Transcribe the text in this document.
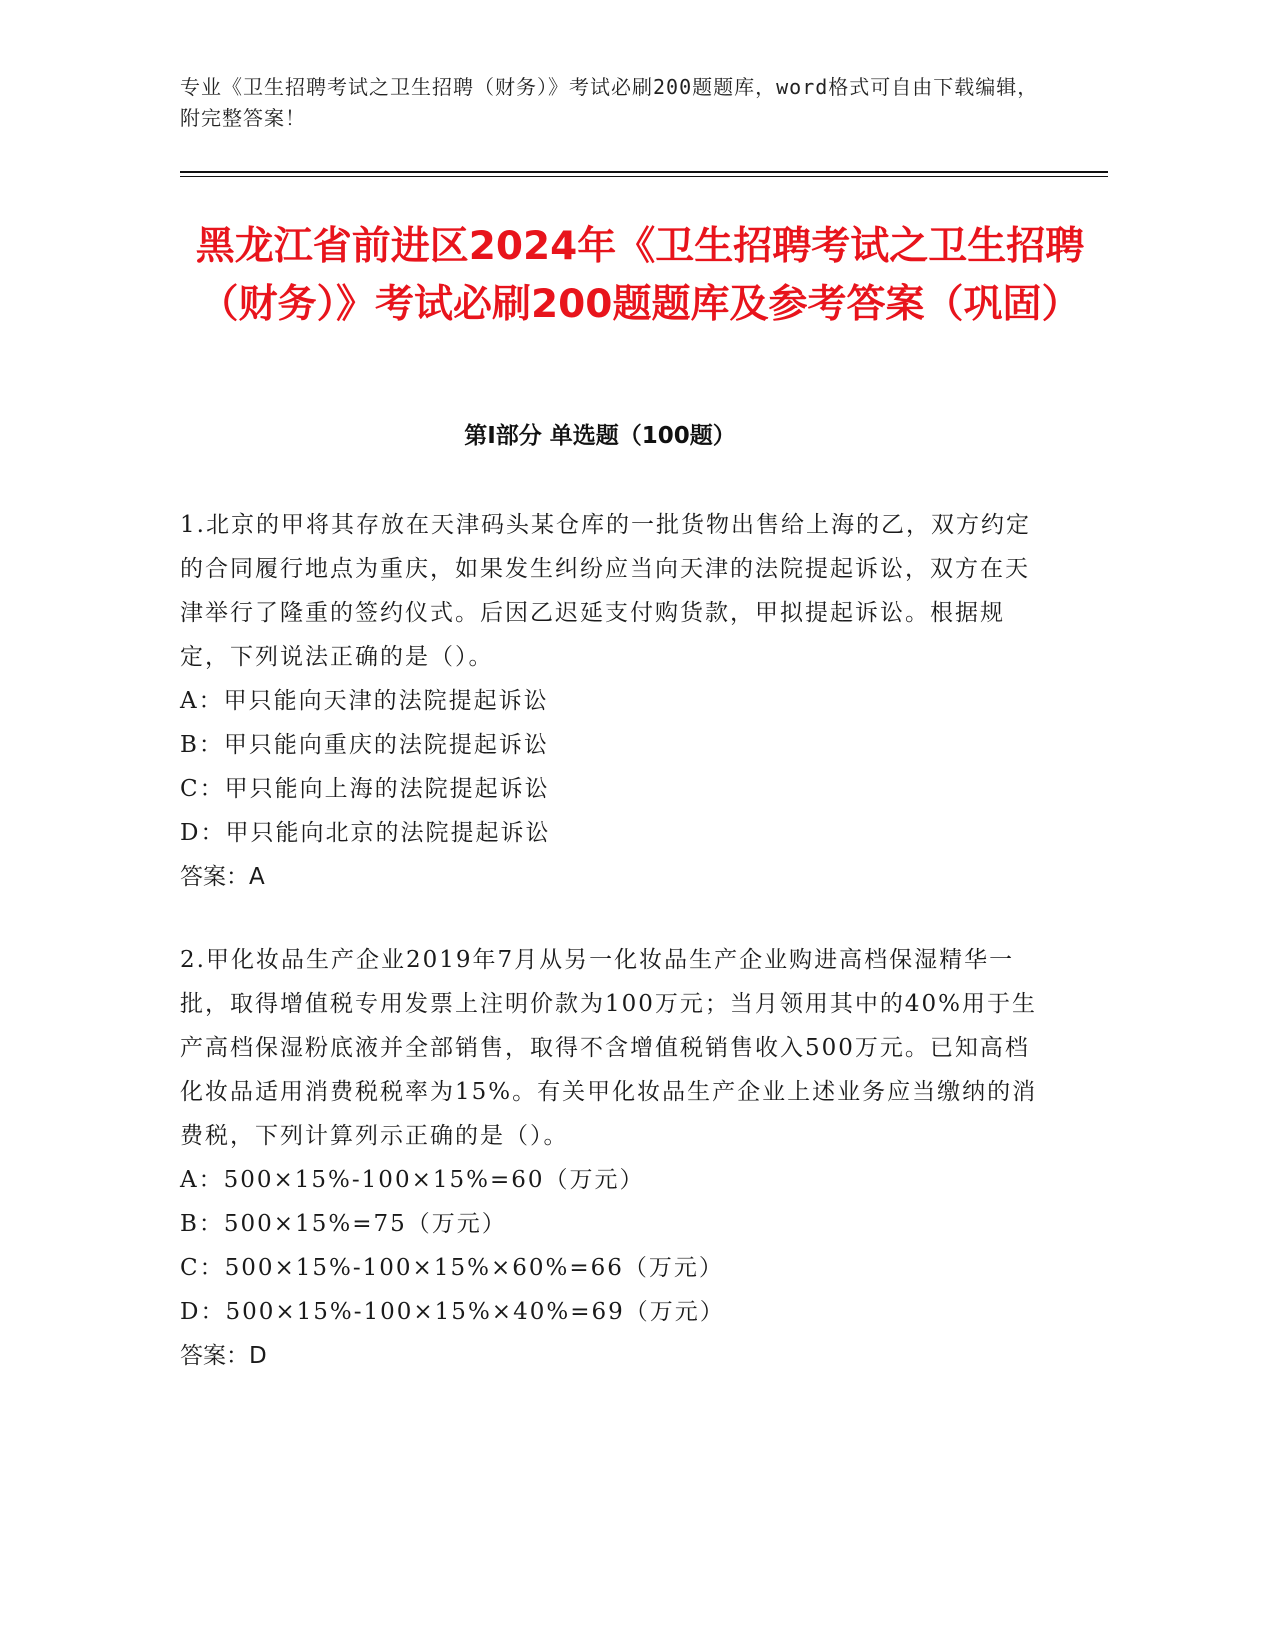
专业《卫生招聘考试之卫生招聘（财务）》考试必刷200题题库，word格式可自由下载编辑，附完整答案！
黑龙江省前进区2024年《卫生招聘考试之卫生招聘（财务）》考试必刷200题题库及参考答案（巩固）
第Ⅰ部分 单选题（100题）

1.北京的甲将其存放在天津码头某仓库的一批货物出售给上海的乙，双方约定的合同履行地点为重庆，如果发生纠纷应当向天津的法院提起诉讼，双方在天津举行了隆重的签约仪式。后因乙迟延支付购货款，甲拟提起诉讼。根据规定，下列说法正确的是（）。

A：甲只能向天津的法院提起诉讼

B：甲只能向重庆的法院提起诉讼

C：甲只能向上海的法院提起诉讼

D：甲只能向北京的法院提起诉讼

答案：A

2.甲化妆品生产企业2019年7月从另一化妆品生产企业购进高档保湿精华一批，取得增值税专用发票上注明价款为100万元；当月领用其中的40%用于生产高档保湿粉底液并全部销售，取得不含增值税销售收入500万元。已知高档化妆品适用消费税税率为15%。有关甲化妆品生产企业上述业务应当缴纳的消费税，下列计算列示正确的是（）。

A：500×15%-100×15%=60（万元）

B：500×15%=75（万元）

C：500×15%-100×15%×60%=66（万元）

D：500×15%-100×15%×40%=69（万元）

答案：D
